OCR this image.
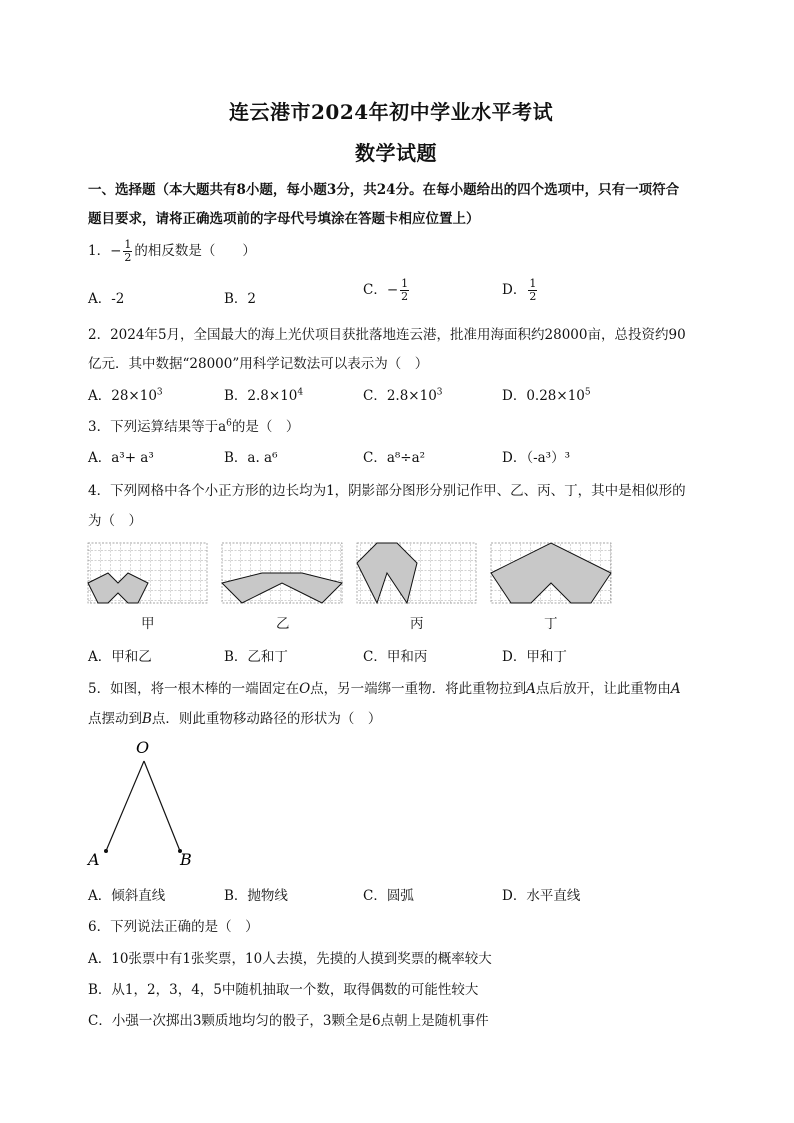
连云港市2024年初中学业水平考试
数学试题
一、选择题（本大题共有8小题，每小题3分，共24分。在每小题给出的四个选项中，只有一项符合
题目要求，请将正确选项前的字母代号填涂在答题卡相应位置上）
1．− $\frac{1}{2}$ 的相反数是（　　）
A．-2	B．2
C．− $\frac{1}{2}$	D． $\frac{1}{2}$
2．2024年5月，全国最大的海上光伏项目获批落地连云港，批准用海面积约28000亩，总投资约90
亿元．其中数据“28000”用科学记数法可以表示为（　）
A．$28\times 10^3$	B．$2.8\times 10^4$	C．$2.8\times 10^3$	D．$0.28\times 10^5$
3．下列运算结果等于$a^6$的是（　）
A．a³+ a³	B．a. a⁶	C．a⁸÷a²	D．（-a³）³
4．下列网格中各个小正方形的边长均为1，阴影部分图形分别记作甲、乙、丙、丁，其中是相似形的
为（　）
甲	乙	丙	丁
A．甲和乙	B．乙和丁	C．甲和丙	D．甲和丁
5．如图，将一根木棒的一端固定在O点，另一端绑一重物．将此重物拉到A点后放开，让此重物由A
点摆动到B点．则此重物移动路径的形状为（　）
O
A	B
A．倾斜直线	B．抛物线	C．圆弧	D．水平直线
6．下列说法正确的是（　）
A．10张票中有1张奖票，10人去摸，先摸的人摸到奖票的概率较大
B．从1，2，3，4，5中随机抽取一个数，取得偶数的可能性较大
C．小强一次掷出3颗质地均匀的骰子，3颗全是6点朝上是随机事件
